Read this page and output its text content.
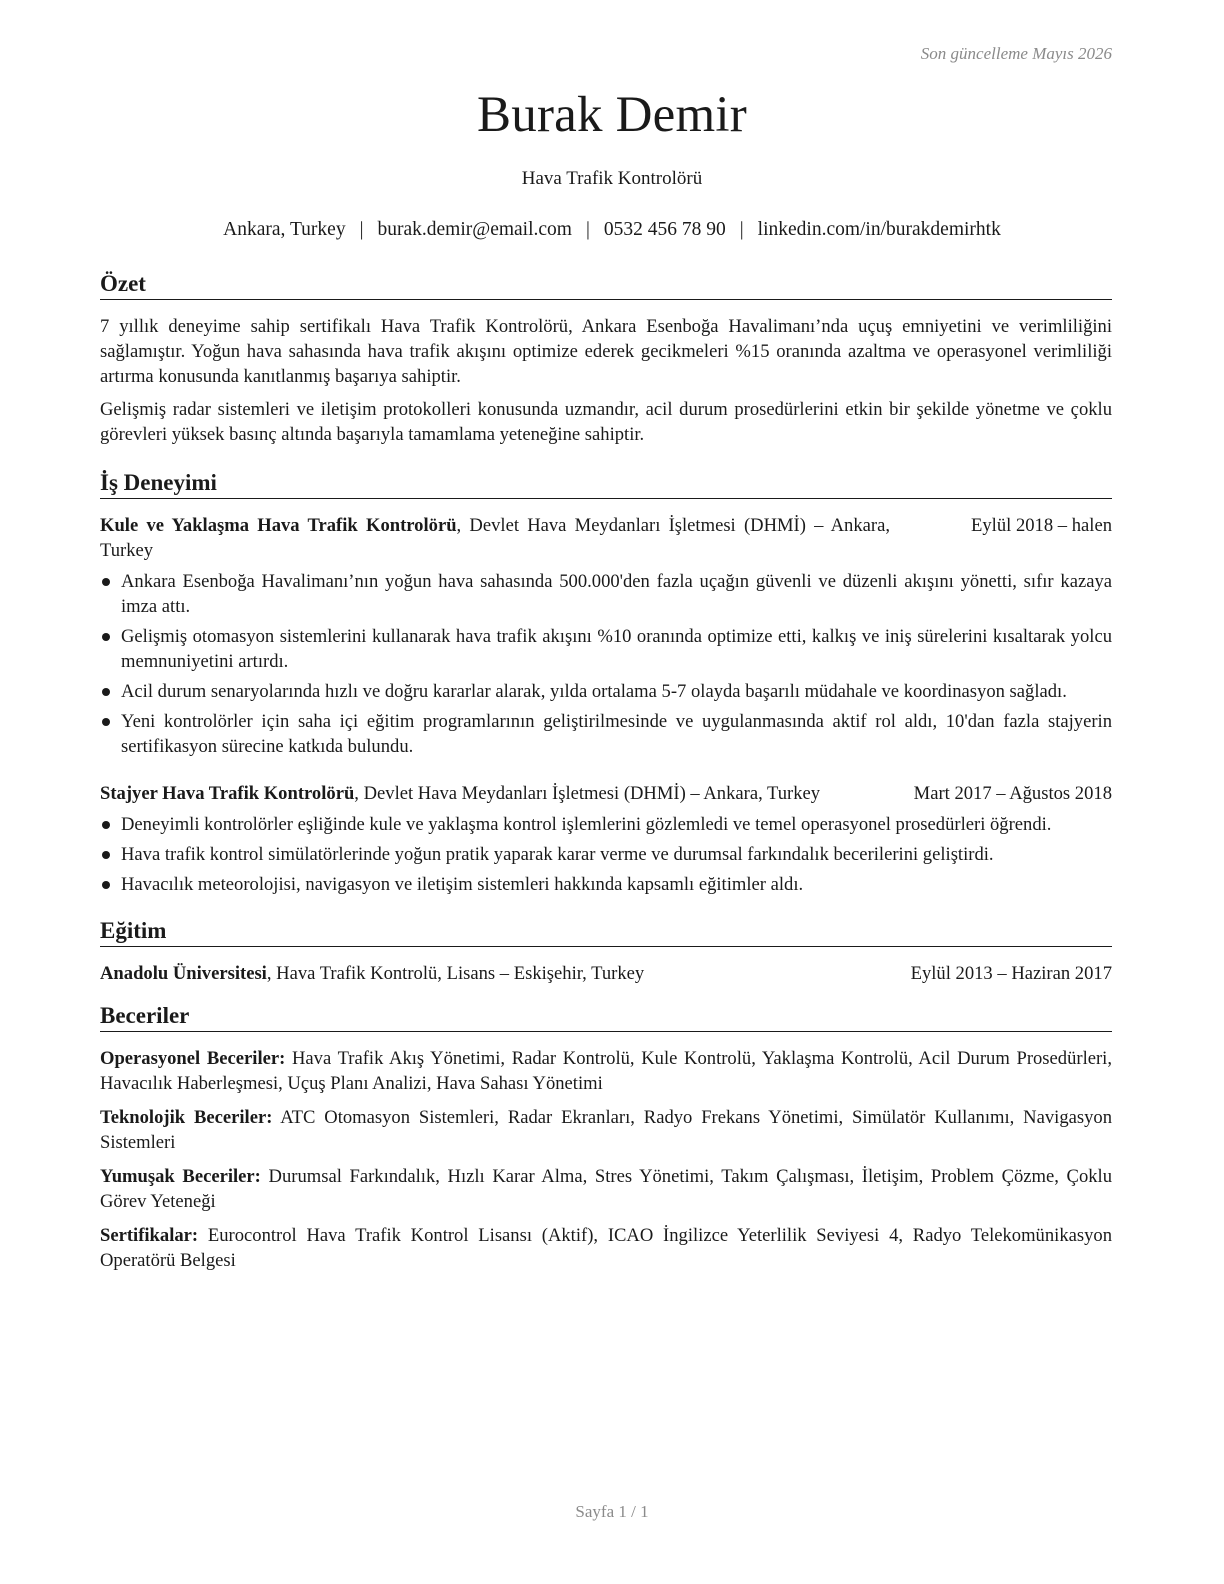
Son güncelleme Mayıs 2026
Burak Demir
Hava Trafik Kontrolörü
Ankara, Turkey | burak.demir@email.com | 0532 456 78 90 | linkedin.com/in/burakdemirhtk
Özet

7 yıllık deneyime sahip sertifikalı Hava Trafik Kontrolörü, Ankara Esenboğa Havalimanı’nda uçuş emniyetini ve verimliliğini sağlamıştır. Yoğun hava sahasında hava trafik akışını optimize ederek gecikmeleri %15 oranında azaltma ve operasyonel verimliliği artırma konusunda kanıtlanmış başarıya sahiptir.

Gelişmiş radar sistemleri ve iletişim protokolleri konusunda uzmandır, acil durum prosedürlerini etkin bir şekilde yönetme ve çoklu görevleri yüksek basınç altında başarıyla tamamlama yeteneğine sahiptir.

İş Deneyimi
Kule ve Yaklaşma Hava Trafik Kontrolörü, Devlet Hava Meydanları İşletmesi (DHMİ) – Ankara, Turkey
Eylül 2018 – halen
Ankara Esenboğa Havalimanı’nın yoğun hava sahasında 500.000'den fazla uçağın güvenli ve düzenli akışını yönetti, sıfır kazaya imza attı.
Gelişmiş otomasyon sistemlerini kullanarak hava trafik akışını %10 oranında optimize etti, kalkış ve iniş sürelerini kısaltarak yolcu memnuniyetini artırdı.
Acil durum senaryolarında hızlı ve doğru kararlar alarak, yılda ortalama 5-7 olayda başarılı müdahale ve koordinasyon sağladı.
Yeni kontrolörler için saha içi eğitim programlarının geliştirilmesinde ve uygulanmasında aktif rol aldı, 10'dan fazla stajyerin sertifikasyon sürecine katkıda bulundu.
Stajyer Hava Trafik Kontrolörü, Devlet Hava Meydanları İşletmesi (DHMİ) – Ankara, Turkey	Mart 2017 – Ağustos 2018
Deneyimli kontrolörler eşliğinde kule ve yaklaşma kontrol işlemlerini gözlemledi ve temel operasyonel prosedürleri öğrendi.
Hava trafik kontrol simülatörlerinde yoğun pratik yaparak karar verme ve durumsal farkındalık becerilerini geliştirdi.
Havacılık meteorolojisi, navigasyon ve iletişim sistemleri hakkında kapsamlı eğitimler aldı.
Eğitim
Anadolu Üniversitesi, Hava Trafik Kontrolü, Lisans – Eskişehir, Turkey	Eylül 2013 – Haziran 2017
Beceriler

Operasyonel Beceriler: Hava Trafik Akış Yönetimi, Radar Kontrolü, Kule Kontrolü, Yaklaşma Kontrolü, Acil Durum Prosedürleri, Havacılık Haberleşmesi, Uçuş Planı Analizi, Hava Sahası Yönetimi

Teknolojik Beceriler: ATC Otomasyon Sistemleri, Radar Ekranları, Radyo Frekans Yönetimi, Simülatör Kullanımı, Navigasyon Sistemleri

Yumuşak Beceriler: Durumsal Farkındalık, Hızlı Karar Alma, Stres Yönetimi, Takım Çalışması, İletişim, Problem Çözme, Çoklu Görev Yeteneği

Sertifikalar: Eurocontrol Hava Trafik Kontrol Lisansı (Aktif), ICAO İngilizce Yeterlilik Seviyesi 4, Radyo Telekomünikasyon Operatörü Belgesi

Sayfa 1 / 1
